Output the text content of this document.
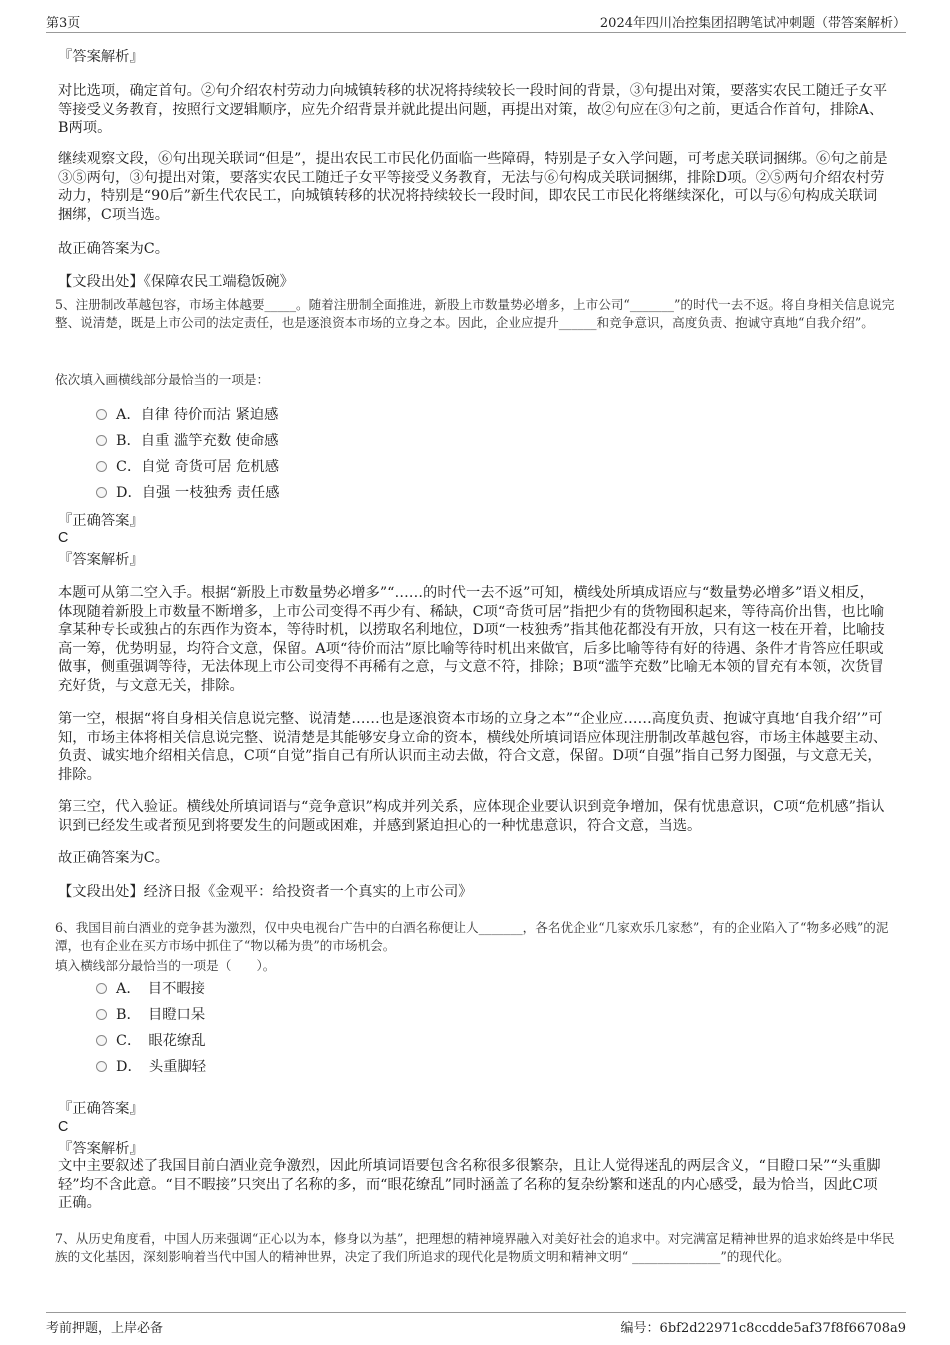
第3页	2024年四川冶控集团招聘笔试冲刺题（带答案解析）
『答案解析』

对比选项，确定首句。②句介绍农村劳动力向城镇转移的状况将持续较长一段时间的背景，③句提出对策，要落实农民工随迁子女平等接受义务教育，按照行文逻辑顺序，应先介绍背景并就此提出问题，再提出对策，故②句应在③句之前，更适合作首句，排除A、B两项。

继续观察文段，⑥句出现关联词“但是”，提出农民工市民化仍面临一些障碍，特别是子女入学问题，可考虑关联词捆绑。⑥句之前是③⑤两句，③句提出对策，要落实农民工随迁子女平等接受义务教育，无法与⑥句构成关联词捆绑，排除D项。②⑤两句介绍农村劳动力，特别是“90后”新生代农民工，向城镇转移的状况将持续较长一段时间，即农民工市民化将继续深化，可以与⑥句构成关联词捆绑，C项当选。

故正确答案为C。
【文段出处】《保障农民工端稳饭碗》

5、注册制改革越包容，市场主体越要_____。随着注册制全面推进，新股上市数量势必增多，上市公司“_______”的时代一去不返。将自身相关信息说完整、说清楚，既是上市公司的法定责任，也是逐浪资本市场的立身之本。因此，企业应提升______和竞争意识，高度负责、抱诚守真地“自我介绍”。

依次填入画横线部分最恰当的一项是：
A．自律 待价而沽 紧迫感
B．自重 滥竽充数 使命感
C．自觉 奇货可居 危机感
D．自强 一枝独秀 责任感
『正确答案』
C
『答案解析』

本题可从第二空入手。根据“新股上市数量势必增多”“……的时代一去不返”可知，横线处所填成语应与“数量势必增多”语义相反，体现随着新股上市数量不断增多，上市公司变得不再少有、稀缺，C项“奇货可居”指把少有的货物囤积起来，等待高价出售，也比喻拿某种专长或独占的东西作为资本，等待时机，以捞取名利地位，D项“一枝独秀”指其他花都没有开放，只有这一枝在开着，比喻技高一筹，优势明显，均符合文意，保留。A项“待价而沽”原比喻等待时机出来做官，后多比喻等待有好的待遇、条件才肯答应任职或做事，侧重强调等待，无法体现上市公司变得不再稀有之意，与文意不符，排除；B项“滥竽充数”比喻无本领的冒充有本领，次货冒充好货，与文意无关，排除。

第一空，根据“将自身相关信息说完整、说清楚……也是逐浪资本市场的立身之本”“企业应……高度负责、抱诚守真地‘自我介绍’”可知，市场主体将相关信息说完整、说清楚是其能够安身立命的资本，横线处所填词语应体现注册制改革越包容，市场主体越要主动、负责、诚实地介绍相关信息，C项“自觉”指自己有所认识而主动去做，符合文意，保留。D项“自强”指自己努力图强，与文意无关，排除。

第三空，代入验证。横线处所填词语与“竞争意识”构成并列关系，应体现企业要认识到竞争增加，保有忧患意识，C项“危机感”指认识到已经发生或者预见到将要发生的问题或困难，并感到紧迫担心的一种忧患意识，符合文意，当选。

故正确答案为C。
【文段出处】经济日报《金观平：给投资者一个真实的上市公司》

6、我国目前白酒业的竞争甚为激烈，仅中央电视台广告中的白酒名称便让人_______，各名优企业“几家欢乐几家愁”，有的企业陷入了“物多必贱”的泥潭，也有企业在买方市场中抓住了“物以稀为贵”的市场机会。

填入横线部分最恰当的一项是（　　）。
A．　目不暇接
B．　目瞪口呆
C．　眼花缭乱
D．　头重脚轻
『正确答案』
C
『答案解析』

文中主要叙述了我国目前白酒业竞争激烈，因此所填词语要包含名称很多很繁杂，且让人觉得迷乱的两层含义，“目瞪口呆”“头重脚轻”均不含此意。“目不暇接”只突出了名称的多，而“眼花缭乱”同时涵盖了名称的复杂纷繁和迷乱的内心感受，最为恰当，因此C项正确。

7、从历史角度看，中国人历来强调“正心以为本，修身以为基”，把理想的精神境界融入对美好社会的追求中。对完满富足精神世界的追求始终是中华民族的文化基因，深刻影响着当代中国人的精神世界，决定了我们所追求的现代化是物质文明和精神文明“ ______________”的现代化。

考前押题，上岸必备	编号：6bf2d22971c8ccdde5af37f8f66708a9
